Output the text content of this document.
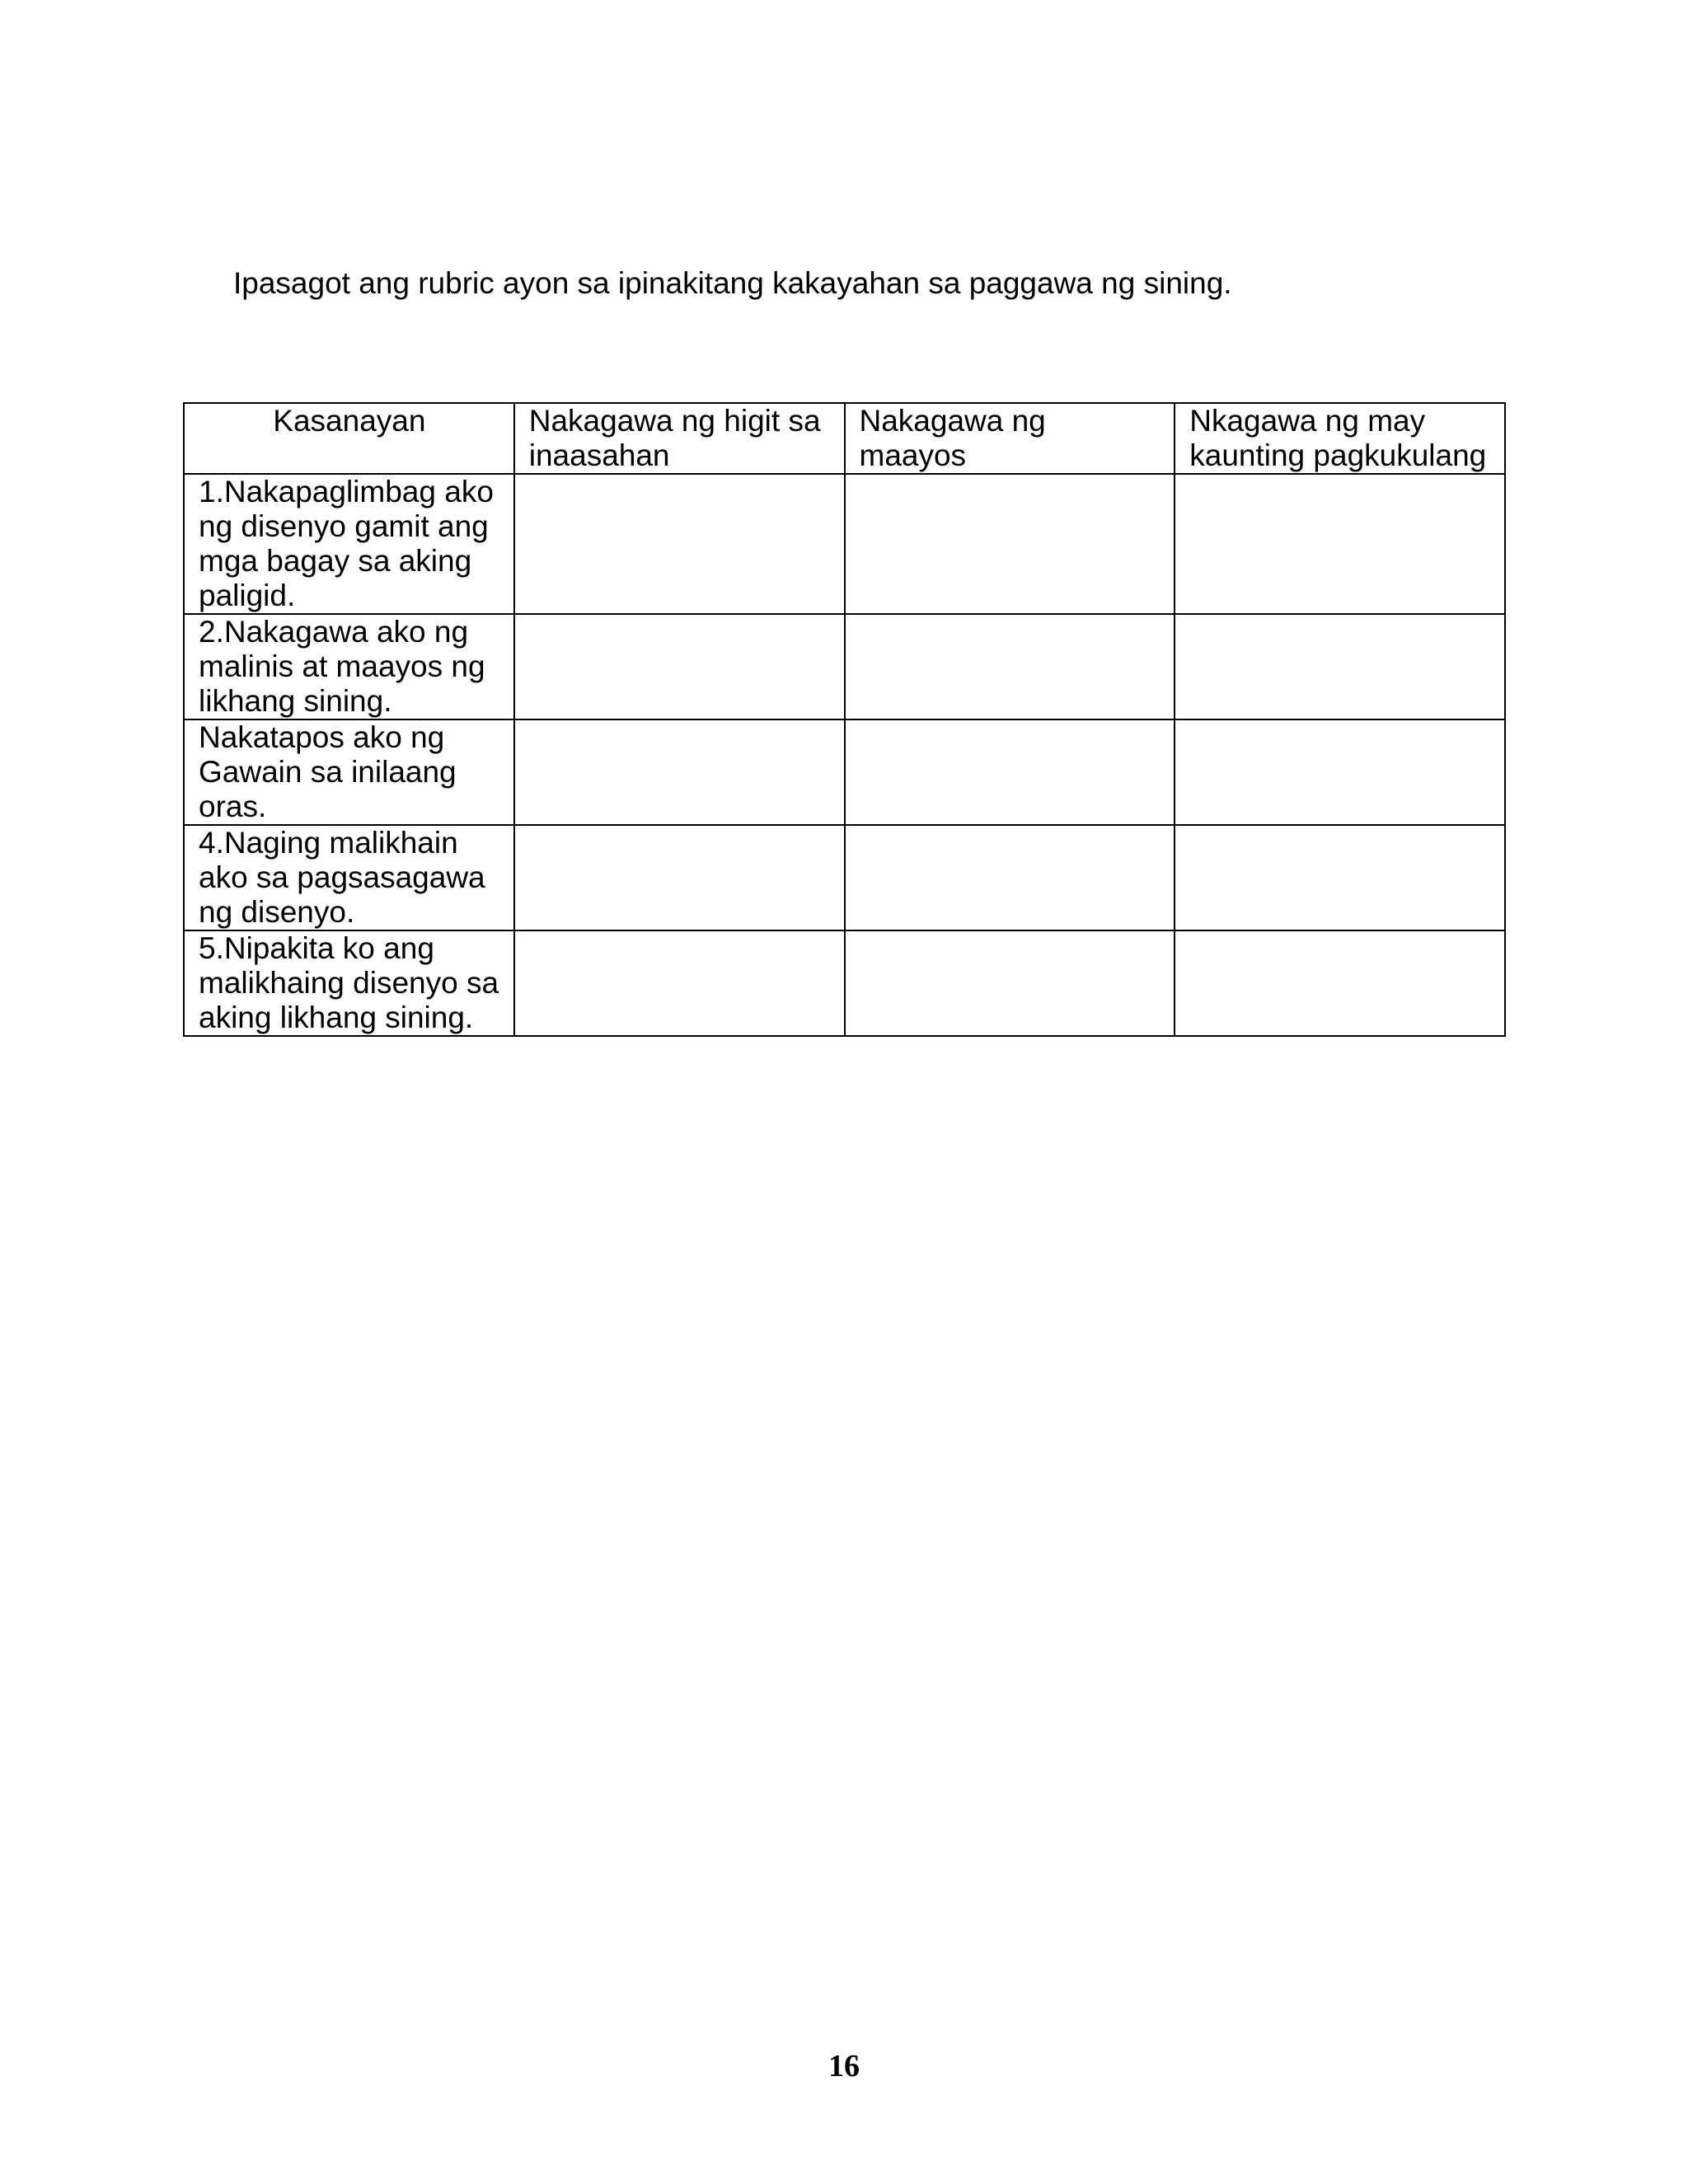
Ipasagot ang rubric ayon sa ipinakitang kakayahan sa paggawa ng sining.

Kasanayan	Nakagawa ng higit sa inaasahan	Nakagawa ng maayos	Nkagawa ng may kaunting pagkukulang
1.Nakapaglimbag ako ng disenyo gamit ang mga bagay sa aking paligid.			
2.Nakagawa ako ng malinis at maayos ng likhang sining.			
Nakatapos ako ng Gawain sa inilaang oras.			
4.Naging malikhain ako sa pagsasagawa ng disenyo.			
5.Nipakita ko ang malikhaing disenyo sa aking likhang sining.			
16
